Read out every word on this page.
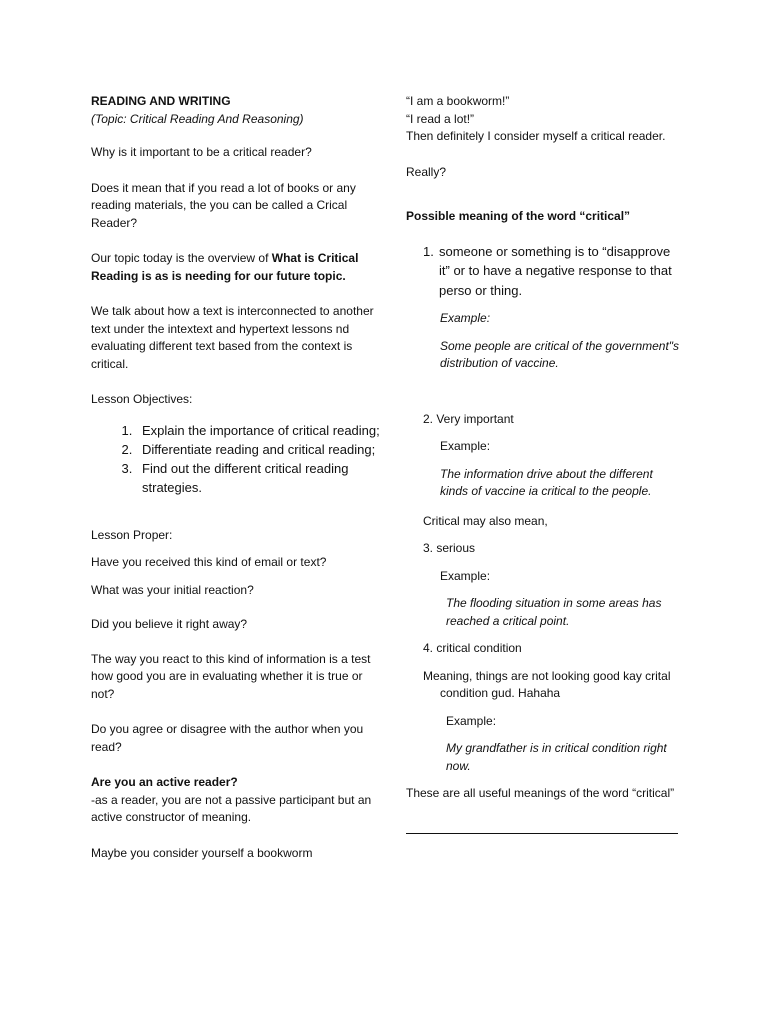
READING AND WRITING
(Topic: Critical Reading And Reasoning)
Why is it important to be a critical reader?
Does it mean that if you read a lot of books or any reading materials, the you can be called a Crical Reader?
Our topic today is the overview of What is Critical Reading is as is needing for our future topic.
We talk about how a text is interconnected to another text under the intextext and hypertext lessons nd evaluating different text based from the context is critical.
Lesson Objectives:
1. Explain the importance of critical reading;
2. Differentiate reading and critical reading;
3. Find out the different critical reading strategies.
Lesson Proper:
Have you received this kind of email or text?
What was your initial reaction?
Did you believe it right away?
The way you react to this kind of information is a test how good you are in evaluating whether it is true or not?
Do you agree or disagree with the author when you read?
Are you an active reader?
-as a reader, you are not a passive participant but an active constructor of meaning.
Maybe you consider yourself a bookworm
“I am a bookworm!”
“I read a lot!”
Then definitely I consider myself a critical reader.
Really?
Possible meaning of the word “critical”
1. someone or something is to “disapprove it” or to have a negative response to that perso or thing.
Example:
Some people are critical of the government"s distribution of vaccine.
2. Very important
Example:
The information drive about the different kinds of vaccine ia critical to the people.
Critical may also mean,
3. serious
Example:
The flooding situation in some areas has reached a critical point.
4. critical condition
Meaning, things are not looking good kay crital condition gud. Hahaha
Example:
My grandfather is in critical condition right now.
These are all useful meanings of the word “critical”
